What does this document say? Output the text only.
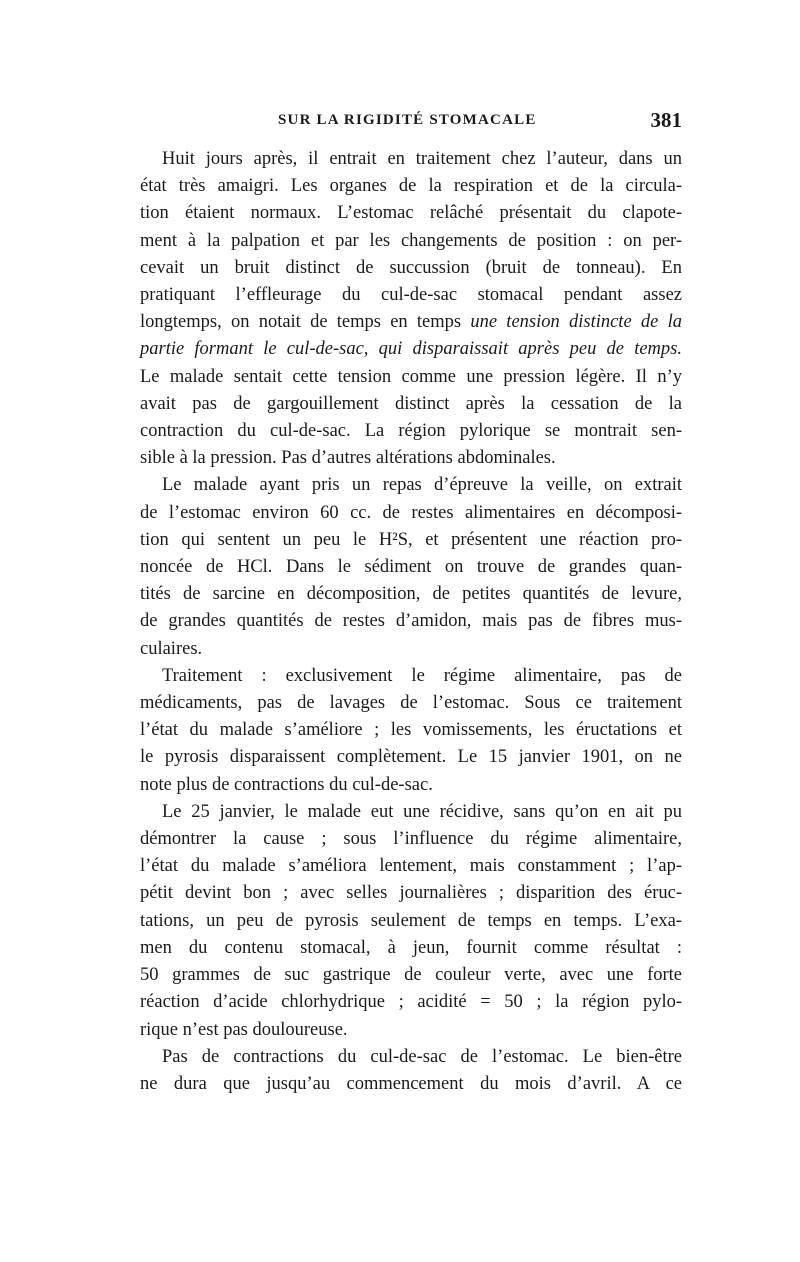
SUR LA RIGIDITÉ STOMACALE	381
Huit jours après, il entrait en traitement chez l’auteur, dans un
état très amaigri. Les organes de la respiration et de la circula-
tion étaient normaux. L’estomac relâché présentait du clapote-
ment à la palpation et par les changements de position : on per-
cevait un bruit distinct de succussion (bruit de tonneau). En
pratiquant l’effleurage du cul-de-sac stomacal pendant assez
longtemps, on notait de temps en temps une tension distincte de la
partie formant le cul-de-sac, qui disparaissait après peu de temps.
Le malade sentait cette tension comme une pression légère. Il n’y
avait pas de gargouillement distinct après la cessation de la
contraction du cul-de-sac. La région pylorique se montrait sen-
sible à la pression. Pas d’autres altérations abdominales.
Le malade ayant pris un repas d’épreuve la veille, on extrait
de l’estomac environ 60 cc. de restes alimentaires en décomposi-
tion qui sentent un peu le H²S, et présentent une réaction pro-
noncée de HCl. Dans le sédiment on trouve de grandes quan-
tités de sarcine en décomposition, de petites quantités de levure,
de grandes quantités de restes d’amidon, mais pas de fibres mus-
culaires.
Traitement : exclusivement le régime alimentaire, pas de
médicaments, pas de lavages de l’estomac. Sous ce traitement
l’état du malade s’améliore ; les vomissements, les éructations et
le pyrosis disparaissent complètement. Le 15 janvier 1901, on ne
note plus de contractions du cul-de-sac.
Le 25 janvier, le malade eut une récidive, sans qu’on en ait pu
démontrer la cause ; sous l’influence du régime alimentaire,
l’état du malade s’améliora lentement, mais constamment ; l’ap-
pétit devint bon ; avec selles journalières ; disparition des éruc-
tations, un peu de pyrosis seulement de temps en temps. L’exa-
men du contenu stomacal, à jeun, fournit comme résultat :
50 grammes de suc gastrique de couleur verte, avec une forte
réaction d’acide chlorhydrique ; acidité = 50 ; la région pylo-
rique n’est pas douloureuse.
Pas de contractions du cul-de-sac de l’estomac. Le bien-être
ne dura que jusqu’au commencement du mois d’avril. A ce
